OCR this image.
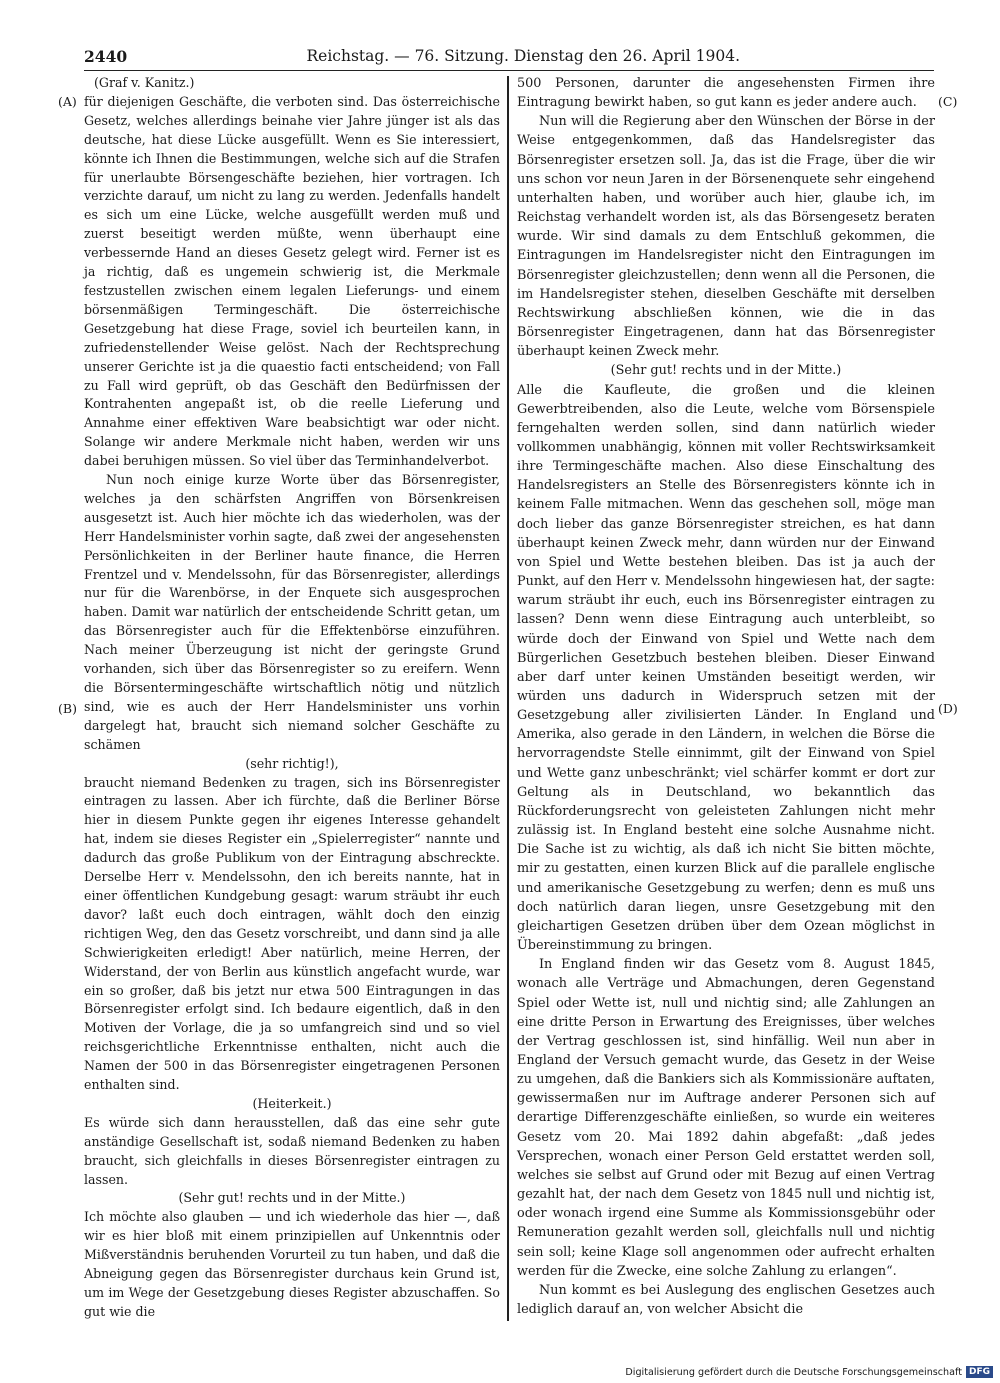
2440	Reichstag. — 76. Sitzung. Dienstag den 26. April 1904.
(A)
(B)
(C)
(D)

(Graf v. Kanitz.)

für diejenigen Geschäfte, die verboten sind. Das österreichische Gesetz, welches allerdings beinahe vier Jahre jünger ist als das deutsche, hat diese Lücke ausgefüllt. Wenn es Sie interessiert, könnte ich Ihnen die Bestimmungen, welche sich auf die Strafen für unerlaubte Börsengeschäfte beziehen, hier vortragen. Ich verzichte darauf, um nicht zu lang zu werden. Jedenfalls handelt es sich um eine Lücke, welche ausgefüllt werden muß und zuerst beseitigt werden müßte, wenn überhaupt eine verbessernde Hand an dieses Gesetz gelegt wird. Ferner ist es ja richtig, daß es ungemein schwierig ist, die Merkmale festzustellen zwischen einem legalen Lieferungs- und einem börsenmäßigen Termingeschäft. Die österreichische Gesetzgebung hat diese Frage, soviel ich beurteilen kann, in zufriedenstellender Weise gelöst. Nach der Rechtsprechung unserer Gerichte ist ja die quaestio facti entscheidend; von Fall zu Fall wird geprüft, ob das Geschäft den Bedürfnissen der Kontrahenten angepaßt ist, ob die reelle Lieferung und Annahme einer effektiven Ware beabsichtigt war oder nicht. Solange wir andere Merkmale nicht haben, werden wir uns dabei beruhigen müssen. So viel über das Terminhandelverbot.

Nun noch einige kurze Worte über das Börsenregister, welches ja den schärfsten Angriffen von Börsenkreisen ausgesetzt ist. Auch hier möchte ich das wiederholen, was der Herr Handelsminister vorhin sagte, daß zwei der angesehensten Persönlichkeiten in der Berliner haute finance, die Herren Frentzel und v. Mendelssohn, für das Börsenregister, allerdings nur für die Warenbörse, in der Enquete sich ausgesprochen haben. Damit war natürlich der entscheidende Schritt getan, um das Börsenregister auch für die Effektenbörse einzuführen. Nach meiner Überzeugung ist nicht der geringste Grund vorhanden, sich über das Börsenregister so zu ereifern. Wenn die Börsentermingeschäfte wirtschaftlich nötig und nützlich sind, wie es auch der Herr Handelsminister uns vorhin dargelegt hat, braucht sich niemand solcher Geschäfte zu schämen

(sehr richtig!),

braucht niemand Bedenken zu tragen, sich ins Börsenregister eintragen zu lassen. Aber ich fürchte, daß die Berliner Börse hier in diesem Punkte gegen ihr eigenes Interesse gehandelt hat, indem sie dieses Register ein „Spielerregister“ nannte und dadurch das große Publikum von der Eintragung abschreckte. Derselbe Herr v. Mendelssohn, den ich bereits nannte, hat in einer öffentlichen Kundgebung gesagt: warum sträubt ihr euch davor? laßt euch doch eintragen, wählt doch den einzig richtigen Weg, den das Gesetz vorschreibt, und dann sind ja alle Schwierigkeiten erledigt! Aber natürlich, meine Herren, der Widerstand, der von Berlin aus künstlich angefacht wurde, war ein so großer, daß bis jetzt nur etwa 500 Eintragungen in das Börsenregister erfolgt sind. Ich bedaure eigentlich, daß in den Motiven der Vorlage, die ja so umfangreich sind und so viel reichsgerichtliche Erkenntnisse enthalten, nicht auch die Namen der 500 in das Börsenregister eingetragenen Personen enthalten sind.

(Heiterkeit.)

Es würde sich dann herausstellen, daß das eine sehr gute anständige Gesellschaft ist, sodaß niemand Bedenken zu haben braucht, sich gleichfalls in dieses Börsenregister eintragen zu lassen.

(Sehr gut! rechts und in der Mitte.)

Ich möchte also glauben — und ich wiederhole das hier —, daß wir es hier bloß mit einem prinzipiellen auf Unkenntnis oder Mißverständnis beruhenden Vorurteil zu tun haben, und daß die Abneigung gegen das Börsenregister durchaus kein Grund ist, um im Wege der Gesetzgebung dieses Register abzuschaffen. So gut wie die

500 Personen, darunter die angesehensten Firmen ihre Eintragung bewirkt haben, so gut kann es jeder andere auch.

Nun will die Regierung aber den Wünschen der Börse in der Weise entgegenkommen, daß das Handelsregister das Börsenregister ersetzen soll. Ja, das ist die Frage, über die wir uns schon vor neun Jaren in der Börsenenquete sehr eingehend unterhalten haben, und worüber auch hier, glaube ich, im Reichstag verhandelt worden ist, als das Börsengesetz beraten wurde. Wir sind damals zu dem Entschluß gekommen, die Eintragungen im Handelsregister nicht den Eintragungen im Börsenregister gleichzustellen; denn wenn all die Personen, die im Handelsregister stehen, dieselben Geschäfte mit derselben Rechtswirkung abschließen können, wie die in das Börsenregister Eingetragenen, dann hat das Börsenregister überhaupt keinen Zweck mehr.

(Sehr gut! rechts und in der Mitte.)

Alle die Kaufleute, die großen und die kleinen Gewerbtreibenden, also die Leute, welche vom Börsenspiele ferngehalten werden sollen, sind dann natürlich wieder vollkommen unabhängig, können mit voller Rechtswirksamkeit ihre Termingeschäfte machen. Also diese Einschaltung des Handelsregisters an Stelle des Börsenregisters könnte ich in keinem Falle mitmachen. Wenn das geschehen soll, möge man doch lieber das ganze Börsenregister streichen, es hat dann überhaupt keinen Zweck mehr, dann würden nur der Einwand von Spiel und Wette bestehen bleiben. Das ist ja auch der Punkt, auf den Herr v. Mendelssohn hingewiesen hat, der sagte: warum sträubt ihr euch, euch ins Börsenregister eintragen zu lassen? Denn wenn diese Eintragung auch unterbleibt, so würde doch der Einwand von Spiel und Wette nach dem Bürgerlichen Gesetzbuch bestehen bleiben. Dieser Einwand aber darf unter keinen Umständen beseitigt werden, wir würden uns dadurch in Widerspruch setzen mit der Gesetzgebung aller zivilisierten Länder. In England und Amerika, also gerade in den Ländern, in welchen die Börse die hervorragendste Stelle einnimmt, gilt der Einwand von Spiel und Wette ganz unbeschränkt; viel schärfer kommt er dort zur Geltung als in Deutschland, wo bekanntlich das Rückforderungsrecht von geleisteten Zahlungen nicht mehr zulässig ist. In England besteht eine solche Ausnahme nicht. Die Sache ist zu wichtig, als daß ich nicht Sie bitten möchte, mir zu gestatten, einen kurzen Blick auf die parallele englische und amerikanische Gesetzgebung zu werfen; denn es muß uns doch natürlich daran liegen, unsre Gesetzgebung mit den gleichartigen Gesetzen drüben über dem Ozean möglichst in Übereinstimmung zu bringen.

In England finden wir das Gesetz vom 8. August 1845, wonach alle Verträge und Abmachungen, deren Gegenstand Spiel oder Wette ist, null und nichtig sind; alle Zahlungen an eine dritte Person in Erwartung des Ereignisses, über welches der Vertrag geschlossen ist, sind hinfällig. Weil nun aber in England der Versuch gemacht wurde, das Gesetz in der Weise zu umgehen, daß die Bankiers sich als Kommissionäre auftaten, gewissermaßen nur im Auftrage anderer Personen sich auf derartige Differenzgeschäfte einließen, so wurde ein weiteres Gesetz vom 20. Mai 1892 dahin abgefaßt: „daß jedes Versprechen, wonach einer Person Geld erstattet werden soll, welches sie selbst auf Grund oder mit Bezug auf einen Vertrag gezahlt hat, der nach dem Gesetz von 1845 null und nichtig ist, oder wonach irgend eine Summe als Kommissionsgebühr oder Remuneration gezahlt werden soll, gleichfalls null und nichtig sein soll; keine Klage soll angenommen oder aufrecht erhalten werden für die Zwecke, eine solche Zahlung zu erlangen“.

Nun kommt es bei Auslegung des englischen Gesetzes auch lediglich darauf an, von welcher Absicht die

Digitalisierung gefördert durch die Deutsche Forschungsgemeinschaft DFG
